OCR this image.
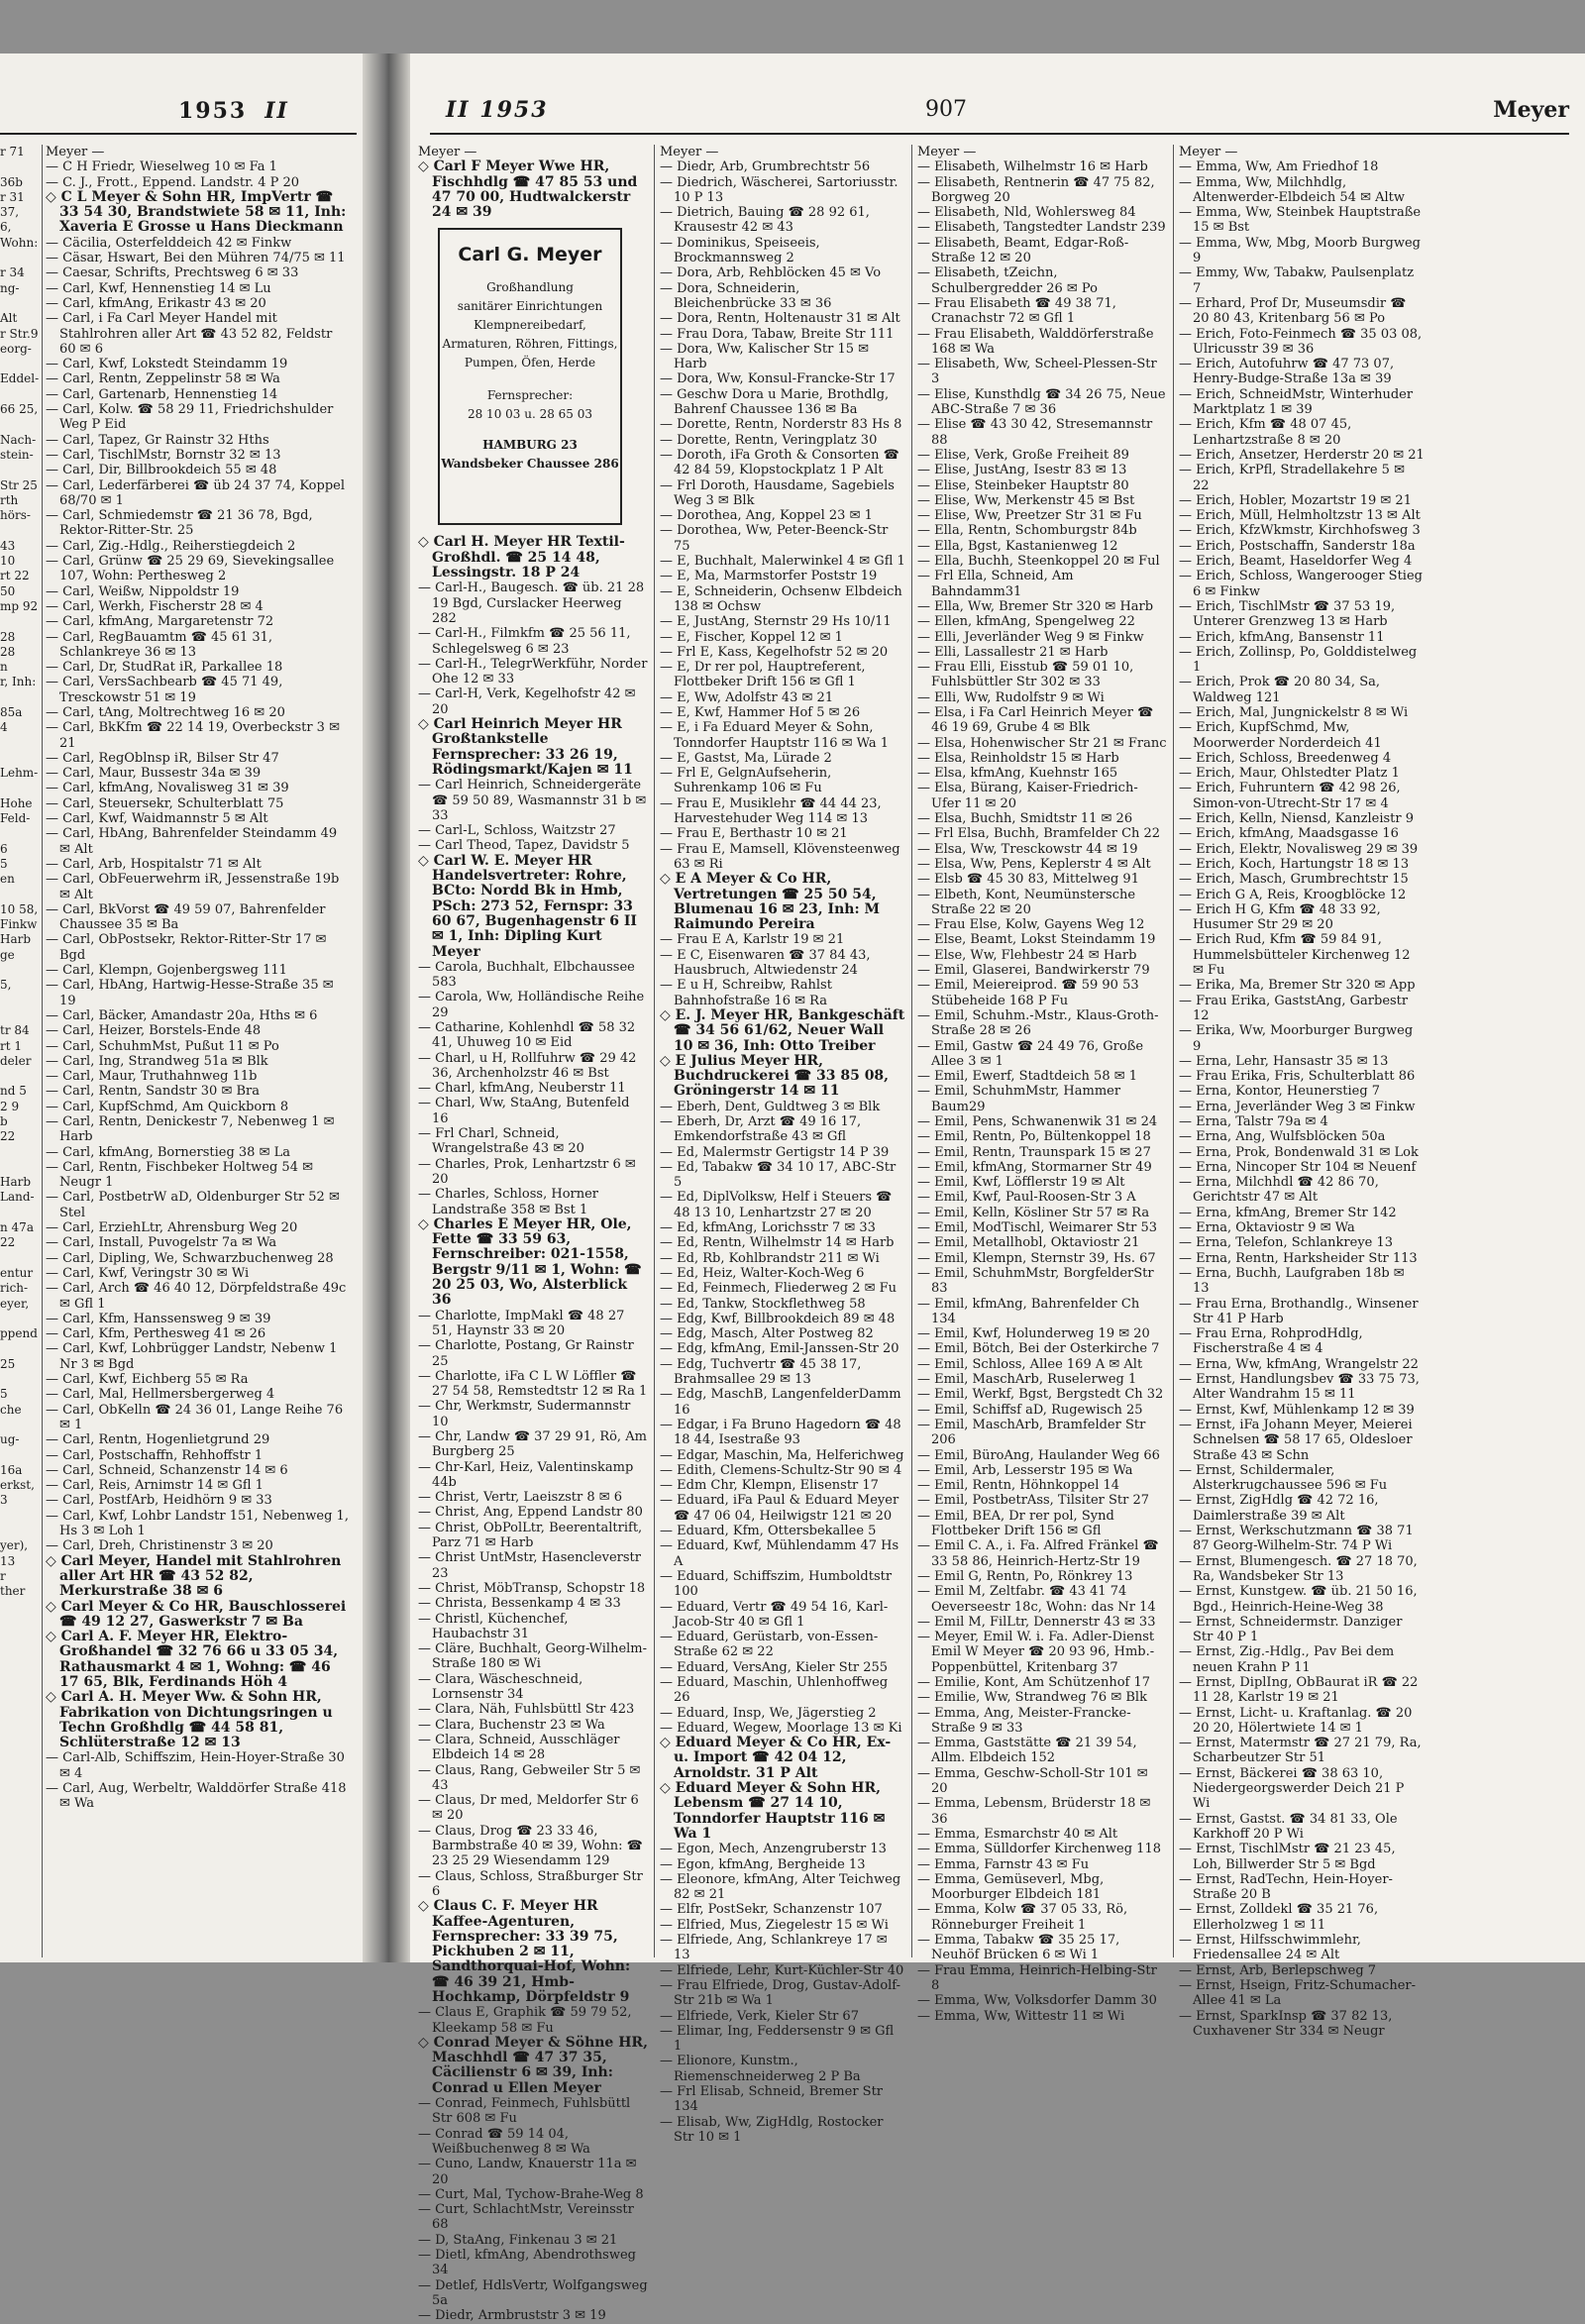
1953 II
r 71
36b
r 31 37,
6,
Wohn:
r 34
ng-
Alt
r Str.9
eorg-
Eddel-
66 25,
Nach-
stein-
Str 25
rth
hörs-
43
10
rt 22
50
mp 92
28
28
n
r, Inh:
85a
4
Lehm-
Hohe
Feld-
6
5
en
10 58,
Finkw
Harb
ge
5,
tr 84
rt 1
deler
nd 5
2 9
b
22
Harb
Land-
n 47a
22
entur
rich-
eyer,
ppend
25
5
che
ug-
16a
erkst,
3
yer),
13
r
ther
Meyer —
— C H Friedr, Wieselweg 10 ✉ Fa 1
— C. J., Frott., Eppend. Landstr. 4 P 20
◇ C L Meyer & Sohn HR, ImpVertr ☎ 33 54 30, Brandstwiete 58 ✉ 11, Inh: Xaveria E Grosse u Hans Dieckmann
— Cäcilia, Osterfelddeich 42 ✉ Finkw
— Cäsar, Hswart, Bei den Mühren 74/75 ✉ 11
— Caesar, Schrifts, Prechtsweg 6 ✉ 33
— Carl, Kwf, Hennenstieg 14 ✉ Lu
— Carl, kfmAng, Erikastr 43 ✉ 20
— Carl, i Fa Carl Meyer Handel mit Stahlrohren aller Art ☎ 43 52 82, Feldstr 60 ✉ 6
— Carl, Kwf, Lokstedt Steindamm 19
— Carl, Rentn, Zeppelinstr 58 ✉ Wa
— Carl, Gartenarb, Hennenstieg 14
— Carl, Kolw. ☎ 58 29 11, Friedrichshulder Weg P Eid
— Carl, Tapez, Gr Rainstr 32 Hths
— Carl, TischlMstr, Bornstr 32 ✉ 13
— Carl, Dir, Billbrookdeich 55 ✉ 48
— Carl, Lederfärberei ☎ üb 24 37 74, Koppel 68/70 ✉ 1
— Carl, Schmiedemstr ☎ 21 36 78, Bgd, Rektor-Ritter-Str. 25
— Carl, Zig.-Hdlg., Reiherstiegdeich 2
— Carl, Grünw ☎ 25 29 69, Sievekingsallee 107, Wohn: Perthesweg 2
— Carl, Weißw, Nippoldstr 19
— Carl, Werkh, Fischerstr 28 ✉ 4
— Carl, kfmAng, Margaretenstr 72
— Carl, RegBauamtm ☎ 45 61 31, Schlankreye 36 ✉ 13
— Carl, Dr, StudRat iR, Parkallee 18
— Carl, VersSachbearb ☎ 45 71 49, Tresckowstr 51 ✉ 19
— Carl, tAng, Moltrechtweg 16 ✉ 20
— Carl, BkKfm ☎ 22 14 19, Overbeckstr 3 ✉ 21
— Carl, RegOblnsp iR, Bilser Str 47
— Carl, Maur, Bussestr 34a ✉ 39
— Carl, kfmAng, Novalisweg 31 ✉ 39
— Carl, Steuersekr, Schulterblatt 75
— Carl, Kwf, Waidmannstr 5 ✉ Alt
— Carl, HbAng, Bahrenfelder Steindamm 49 ✉ Alt
— Carl, Arb, Hospitalstr 71 ✉ Alt
— Carl, ObFeuerwehrm iR, Jessenstraße 19b ✉ Alt
— Carl, BkVorst ☎ 49 59 07, Bahrenfelder Chaussee 35 ✉ Ba
— Carl, ObPostsekr, Rektor-Ritter-Str 17 ✉ Bgd
— Carl, Klempn, Gojenbergsweg 111
— Carl, HbAng, Hartwig-Hesse-Straße 35 ✉ 19
— Carl, Bäcker, Amandastr 20a, Hths ✉ 6
— Carl, Heizer, Borstels-Ende 48
— Carl, SchuhmMst, Pußut 11 ✉ Po
— Carl, Ing, Strandweg 51a ✉ Blk
— Carl, Maur, Truthahnweg 11b
— Carl, Rentn, Sandstr 30 ✉ Bra
— Carl, KupfSchmd, Am Quickborn 8
— Carl, Rentn, Denickestr 7, Nebenweg 1 ✉ Harb
— Carl, kfmAng, Bornerstieg 38 ✉ La
— Carl, Rentn, Fischbeker Holtweg 54 ✉ Neugr 1
— Carl, PostbetrW aD, Oldenburger Str 52 ✉ Stel
— Carl, ErziehLtr, Ahrensburg Weg 20
— Carl, Install, Puvogelstr 7a ✉ Wa
— Carl, Dipling, We, Schwarzbuchenweg 28
— Carl, Kwf, Veringstr 30 ✉ Wi
— Carl, Arch ☎ 46 40 12, Dörpfeldstraße 49c ✉ Gfl 1
— Carl, Kfm, Hanssensweg 9 ✉ 39
— Carl, Kfm, Perthesweg 41 ✉ 26
— Carl, Kwf, Lohbrügger Landstr, Nebenw 1 Nr 3 ✉ Bgd
— Carl, Kwf, Eichberg 55 ✉ Ra
— Carl, Mal, Hellmersbergerweg 4
— Carl, ObKelln ☎ 24 36 01, Lange Reihe 76 ✉ 1
— Carl, Rentn, Hogenlietgrund 29
— Carl, Postschaffn, Rehhoffstr 1
— Carl, Schneid, Schanzenstr 14 ✉ 6
— Carl, Reis, Arnimstr 14 ✉ Gfl 1
— Carl, PostfArb, Heidhörn 9 ✉ 33
— Carl, Kwf, Lohbr Landstr 151, Nebenweg 1, Hs 3 ✉ Loh 1
— Carl, Dreh, Christinenstr 3 ✉ 20
◇ Carl Meyer, Handel mit Stahlrohren aller Art HR ☎ 43 52 82, Merkurstraße 38 ✉ 6
◇ Carl Meyer & Co HR, Bauschlosserei ☎ 49 12 27, Gaswerkstr 7 ✉ Ba
◇ Carl A. F. Meyer HR, Elektro-Großhandel ☎ 32 76 66 u 33 05 34, Rathausmarkt 4 ✉ 1, Wohng: ☎ 46 17 65, Blk, Ferdinands Höh 4
◇ Carl A. H. Meyer Ww. & Sohn HR, Fabrikation von Dichtungsringen u Techn Großhdlg ☎ 44 58 81, Schlüterstraße 12 ✉ 13
— Carl-Alb, Schiffszim, Hein-Hoyer-Straße 30 ✉ 4
— Carl, Aug, Werbeltr, Walddörfer Straße 418 ✉ Wa
II 1953	907	Meyer
Meyer —
◇ Carl F Meyer Wwe HR, Fischhdlg ☎ 47 85 53 und 47 70 00, Hudtwalckerstr 24 ✉ 39
Carl G. Meyer
Großhandlung
sanitärer Einrichtungen
Klempnereibedarf, Armaturen, Röhren, Fittings,
Pumpen, Öfen, Herde
Fernsprecher:
28 10 03 u. 28 65 03
HAMBURG 23
Wandsbeker Chaussee 286
◇ Carl H. Meyer HR Textil-Großhdl. ☎ 25 14 48, Lessingstr. 18 P 24
— Carl-H., Baugesch. ☎ üb. 21 28 19 Bgd, Curslacker Heerweg 282
— Carl-H., Filmkfm ☎ 25 56 11, Schlegelsweg 6 ✉ 23
— Carl-H., TelegrWerkführ, Norder Ohe 12 ✉ 33
— Carl-H, Verk, Kegelhofstr 42 ✉ 20
◇ Carl Heinrich Meyer HR Großtankstelle Fernsprecher: 33 26 19, Rödingsmarkt/Kajen ✉ 11
— Carl Heinrich, Schneidergeräte ☎ 59 50 89, Wasmannstr 31 b ✉ 33
— Carl-L, Schloss, Waitzstr 27
— Carl Theod, Tapez, Davidstr 5
◇ Carl W. E. Meyer HR Handelsvertreter: Rohre, BCto: Nordd Bk in Hmb, PSch: 273 52, Fernspr: 33 60 67, Bugenhagenstr 6 II ✉ 1, Inh: Dipling Kurt Meyer
— Carola, Buchhalt, Elbchaussee 583
— Carola, Ww, Holländische Reihe 29
— Catharine, Kohlenhdl ☎ 58 32 41, Uhuweg 10 ✉ Eid
— Charl, u H, Rollfuhrw ☎ 29 42 36, Archenholzstr 46 ✉ Bst
— Charl, kfmAng, Neuberstr 11
— Charl, Ww, StaAng, Butenfeld 16
— Frl Charl, Schneid, Wrangelstraße 43 ✉ 20
— Charles, Prok, Lenhartzstr 6 ✉ 20
— Charles, Schloss, Horner Landstraße 358 ✉ Bst 1
◇ Charles E Meyer HR, Ole, Fette ☎ 33 59 63, Fernschreiber: 021-1558, Bergstr 9/11 ✉ 1, Wohn: ☎ 20 25 03, Wo, Alsterblick 36
— Charlotte, ImpMakl ☎ 48 27 51, Haynstr 33 ✉ 20
— Charlotte, Postang, Gr Rainstr 25
— Charlotte, iFa C L W Löffler ☎ 27 54 58, Remstedtstr 12 ✉ Ra 1
— Chr, Werkmstr, Sudermannstr 10
— Chr, Landw ☎ 37 29 91, Rö, Am Burgberg 25
— Chr-Karl, Heiz, Valentinskamp 44b
— Christ, Vertr, Laeiszstr 8 ✉ 6
— Christ, Ang, Eppend Landstr 80
— Christ, ObPolLtr, Beerentaltrift, Parz 71 ✉ Harb
— Christ UntMstr, Hasencleverstr 23
— Christ, MöbTransp, Schopstr 18
— Christa, Bessenkamp 4 ✉ 33
— Christl, Küchenchef, Haubachstr 31
— Cläre, Buchhalt, Georg-Wilhelm-Straße 180 ✉ Wi
— Clara, Wäscheschneid, Lornsenstr 34
— Clara, Näh, Fuhlsbüttl Str 423
— Clara, Buchenstr 23 ✉ Wa
— Clara, Schneid, Ausschläger Elbdeich 14 ✉ 28
— Claus, Rang, Gebweiler Str 5 ✉ 43
— Claus, Dr med, Meldorfer Str 6 ✉ 20
— Claus, Drog ☎ 23 33 46, Barmbstraße 40 ✉ 39, Wohn: ☎ 23 25 29 Wiesendamm 129
— Claus, Schloss, Straßburger Str 6
◇ Claus C. F. Meyer HR Kaffee-Agenturen, Fernsprecher: 33 39 75, Pickhuben 2 ✉ 11, Sandthorquai-Hof, Wohn: ☎ 46 39 21, Hmb-Hochkamp, Dörpfeldstr 9
— Claus E, Graphik ☎ 59 79 52, Kleekamp 58 ✉ Fu
◇ Conrad Meyer & Söhne HR, Maschhdl ☎ 47 37 35, Cäcilienstr 6 ✉ 39, Inh: Conrad u Ellen Meyer
— Conrad, Feinmech, Fuhlsbüttl Str 608 ✉ Fu
— Conrad ☎ 59 14 04, Weißbuchenweg 8 ✉ Wa
— Cuno, Landw, Knauerstr 11a ✉ 20
— Curt, Mal, Tychow-Brahe-Weg 8
— Curt, SchlachtMstr, Vereinsstr 68
— D, StaAng, Finkenau 3 ✉ 21
— Dietl, kfmAng, Abendrothsweg 34
— Detlef, HdlsVertr, Wolfgangsweg 5a
— Diedr, Armbruststr 3 ✉ 19
Meyer —
— Diedr, Arb, Grumbrechtstr 56
— Diedrich, Wäscherei, Sartoriusstr. 10 P 13
— Dietrich, Bauing ☎ 28 92 61, Krausestr 42 ✉ 43
— Dominikus, Speiseeis, Brockmannsweg 2
— Dora, Arb, Rehblöcken 45 ✉ Vo
— Dora, Schneiderin, Bleichenbrücke 33 ✉ 36
— Dora, Rentn, Holtenaustr 31 ✉ Alt
— Frau Dora, Tabaw, Breite Str 111
— Dora, Ww, Kalischer Str 15 ✉ Harb
— Dora, Ww, Konsul-Francke-Str 17
— Geschw Dora u Marie, Brothdlg, Bahrenf Chaussee 136 ✉ Ba
— Dorette, Rentn, Norderstr 83 Hs 8
— Dorette, Rentn, Veringplatz 30
— Doroth, iFa Groth & Consorten ☎ 42 84 59, Klopstockplatz 1 P Alt
— Frl Doroth, Hausdame, Sagebiels Weg 3 ✉ Blk
— Dorothea, Ang, Koppel 23 ✉ 1
— Dorothea, Ww, Peter-Beenck-Str 75
— E, Buchhalt, Malerwinkel 4 ✉ Gfl 1
— E, Ma, Marmstorfer Poststr 19
— E, Schneiderin, Ochsenw Elbdeich 138 ✉ Ochsw
— E, JustAng, Sternstr 29 Hs 10/11
— E, Fischer, Koppel 12 ✉ 1
— Frl E, Kass, Kegelhofstr 52 ✉ 20
— E, Dr rer pol, Hauptreferent, Flottbeker Drift 156 ✉ Gfl 1
— E, Ww, Adolfstr 43 ✉ 21
— E, Kwf, Hammer Hof 5 ✉ 26
— E, i Fa Eduard Meyer & Sohn, Tonndorfer Hauptstr 116 ✉ Wa 1
— E, Gastst, Ma, Lürade 2
— Frl E, GelgnAufseherin, Suhrenkamp 106 ✉ Fu
— Frau E, Musiklehr ☎ 44 44 23, Harvestehuder Weg 114 ✉ 13
— Frau E, Berthastr 10 ✉ 21
— Frau E, Mamsell, Klövensteenweg 63 ✉ Ri
◇ E A Meyer & Co HR, Vertretungen ☎ 25 50 54, Blumenau 16 ✉ 23, Inh: M Raimundo Pereira
— Frau E A, Karlstr 19 ✉ 21
— E C, Eisenwaren ☎ 37 84 43, Hausbruch, Altwiedenstr 24
— E u H, Schreibw, Rahlst Bahnhofstraße 16 ✉ Ra
◇ E. J. Meyer HR, Bankgeschäft ☎ 34 56 61/62, Neuer Wall 10 ✉ 36, Inh: Otto Treiber
◇ E Julius Meyer HR, Buchdruckerei ☎ 33 85 08, Gröningerstr 14 ✉ 11
— Eberh, Dent, Guldtweg 3 ✉ Blk
— Eberh, Dr, Arzt ☎ 49 16 17, Emkendorfstraße 43 ✉ Gfl
— Ed, Malermstr Gertigstr 14 P 39
— Ed, Tabakw ☎ 34 10 17, ABC-Str 5
— Ed, DiplVolksw, Helf i Steuers ☎ 48 13 10, Lenhartzstr 27 ✉ 20
— Ed, kfmAng, Lorichsstr 7 ✉ 33
— Ed, Rentn, Wilhelmstr 14 ✉ Harb
— Ed, Rb, Kohlbrandstr 211 ✉ Wi
— Ed, Heiz, Walter-Koch-Weg 6
— Ed, Feinmech, Fliederweg 2 ✉ Fu
— Ed, Tankw, Stockflethweg 58
— Edg, Kwf, Billbrookdeich 89 ✉ 48
— Edg, Masch, Alter Postweg 82
— Edg, kfmAng, Emil-Janssen-Str 20
— Edg, Tuchvertr ☎ 45 38 17, Brahmsallee 29 ✉ 13
— Edg, MaschB, LangenfelderDamm 16
— Edgar, i Fa Bruno Hagedorn ☎ 48 18 44, Isestraße 93
— Edgar, Maschin, Ma, Helferichweg
— Edith, Clemens-Schultz-Str 90 ✉ 4
— Edm Chr, Klempn, Elisenstr 17
— Eduard, iFa Paul & Eduard Meyer ☎ 47 06 04, Heilwigstr 121 ✉ 20
— Eduard, Kfm, Ottersbekallee 5
— Eduard, Kwf, Mühlendamm 47 Hs A
— Eduard, Schiffszim, Humboldtstr 100
— Eduard, Vertr ☎ 49 54 16, Karl-Jacob-Str 40 ✉ Gfl 1
— Eduard, Gerüstarb, von-Essen-Straße 62 ✉ 22
— Eduard, VersAng, Kieler Str 255
— Eduard, Maschin, Uhlenhoffweg 26
— Eduard, Insp, We, Jägerstieg 2
— Eduard, Wegew, Moorlage 13 ✉ Ki
◇ Eduard Meyer & Co HR, Ex- u. Import ☎ 42 04 12, Arnoldstr. 31 P Alt
◇ Eduard Meyer & Sohn HR, Lebensm ☎ 27 14 10, Tonndorfer Hauptstr 116 ✉ Wa 1
— Egon, Mech, Anzengruberstr 13
— Egon, kfmAng, Bergheide 13
— Eleonore, kfmAng, Alter Teichweg 82 ✉ 21
— Elfr, PostSekr, Schanzenstr 107
— Elfried, Mus, Ziegelestr 15 ✉ Wi
— Elfriede, Ang, Schlankreye 17 ✉ 13
— Elfriede, Lehr, Kurt-Küchler-Str 40
— Frau Elfriede, Drog, Gustav-Adolf-Str 21b ✉ Wa 1
— Elfriede, Verk, Kieler Str 67
— Elimar, Ing, Feddersenstr 9 ✉ Gfl 1
— Elionore, Kunstm., Riemenschneiderweg 2 P Ba
— Frl Elisab, Schneid, Bremer Str 134
— Elisab, Ww, ZigHdlg, Rostocker Str 10 ✉ 1
Meyer —
— Elisabeth, Wilhelmstr 16 ✉ Harb
— Elisabeth, Rentnerin ☎ 47 75 82, Borgweg 20
— Elisabeth, Nld, Wohlersweg 84
— Elisabeth, Tangstedter Landstr 239
— Elisabeth, Beamt, Edgar-Roß-Straße 12 ✉ 20
— Elisabeth, tZeichn, Schulbergredder 26 ✉ Po
— Frau Elisabeth ☎ 49 38 71, Cranachstr 72 ✉ Gfl 1
— Frau Elisabeth, Walddörferstraße 168 ✉ Wa
— Elisabeth, Ww, Scheel-Plessen-Str 3
— Elise, Kunsthdlg ☎ 34 26 75, Neue ABC-Straße 7 ✉ 36
— Elise ☎ 43 30 42, Stresemannstr 88
— Elise, Verk, Große Freiheit 89
— Elise, JustAng, Isestr 83 ✉ 13
— Elise, Steinbeker Hauptstr 80
— Elise, Ww, Merkenstr 45 ✉ Bst
— Elise, Ww, Preetzer Str 31 ✉ Fu
— Ella, Rentn, Schomburgstr 84b
— Ella, Bgst, Kastanienweg 12
— Ella, Buchh, Steenkoppel 20 ✉ Ful
— Frl Ella, Schneid, Am Bahndamm31
— Ella, Ww, Bremer Str 320 ✉ Harb
— Ellen, kfmAng, Spengelweg 22
— Elli, Jeverländer Weg 9 ✉ Finkw
— Elli, Lassallestr 21 ✉ Harb
— Frau Elli, Eisstub ☎ 59 01 10, Fuhlsbüttler Str 302 ✉ 33
— Elli, Ww, Rudolfstr 9 ✉ Wi
— Elsa, i Fa Carl Heinrich Meyer ☎ 46 19 69, Grube 4 ✉ Blk
— Elsa, Hohenwischer Str 21 ✉ Franc
— Elsa, Reinholdstr 15 ✉ Harb
— Elsa, kfmAng, Kuehnstr 165
— Elsa, Bürang, Kaiser-Friedrich-Ufer 11 ✉ 20
— Elsa, Buchh, Smidtstr 11 ✉ 26
— Frl Elsa, Buchh, Bramfelder Ch 22
— Elsa, Ww, Tresckowstr 44 ✉ 19
— Elsa, Ww, Pens, Keplerstr 4 ✉ Alt
— Elsb ☎ 45 30 83, Mittelweg 91
— Elbeth, Kont, Neumünstersche Straße 22 ✉ 20
— Frau Else, Kolw, Gayens Weg 12
— Else, Beamt, Lokst Steindamm 19
— Else, Ww, Flehbestr 24 ✉ Harb
— Emil, Glaserei, Bandwirkerstr 79
— Emil, Meiereiprod. ☎ 59 90 53 Stübeheide 168 P Fu
— Emil, Schuhm.-Mstr., Klaus-Groth-Straße 28 ✉ 26
— Emil, Gastw ☎ 24 49 76, Große Allee 3 ✉ 1
— Emil, Ewerf, Stadtdeich 58 ✉ 1
— Emil, SchuhmMstr, Hammer Baum29
— Emil, Pens, Schwanenwik 31 ✉ 24
— Emil, Rentn, Po, Bültenkoppel 18
— Emil, Rentn, Traunspark 15 ✉ 27
— Emil, kfmAng, Stormarner Str 49
— Emil, Kwf, Löfflerstr 19 ✉ Alt
— Emil, Kwf, Paul-Roosen-Str 3 A
— Emil, Kelln, Kösliner Str 57 ✉ Ra
— Emil, ModTischl, Weimarer Str 53
— Emil, Metallhobl, Oktaviostr 21
— Emil, Klempn, Sternstr 39, Hs. 67
— Emil, SchuhmMstr, BorgfelderStr 83
— Emil, kfmAng, Bahrenfelder Ch 134
— Emil, Kwf, Holunderweg 19 ✉ 20
— Emil, Bötch, Bei der Osterkirche 7
— Emil, Schloss, Allee 169 A ✉ Alt
— Emil, MaschArb, Ruselerweg 1
— Emil, Werkf, Bgst, Bergstedt Ch 32
— Emil, Schiffsf aD, Rugewisch 25
— Emil, MaschArb, Bramfelder Str 206
— Emil, BüroAng, Haulander Weg 66
— Emil, Arb, Lesserstr 195 ✉ Wa
— Emil, Rentn, Höhnkoppel 14
— Emil, PostbetrAss, Tilsiter Str 27
— Emil, BEA, Dr rer pol, Synd Flottbeker Drift 156 ✉ Gfl
— Emil C. A., i. Fa. Alfred Fränkel ☎ 33 58 86, Heinrich-Hertz-Str 19
— Emil G, Rentn, Po, Rönkrey 13
— Emil M, Zeltfabr. ☎ 43 41 74 Oeverseestr 18c, Wohn: das Nr 14
— Emil M, FilLtr, Dennerstr 43 ✉ 33
— Meyer, Emil W. i. Fa. Adler-Dienst Emil W Meyer ☎ 20 93 96, Hmb.-Poppenbüttel, Kritenbarg 37
— Emilie, Kont, Am Schützenhof 17
— Emilie, Ww, Strandweg 76 ✉ Blk
— Emma, Ang, Meister-Francke-Straße 9 ✉ 33
— Emma, Gaststätte ☎ 21 39 54, Allm. Elbdeich 152
— Emma, Geschw-Scholl-Str 101 ✉ 20
— Emma, Lebensm, Brüderstr 18 ✉ 36
— Emma, Esmarchstr 40 ✉ Alt
— Emma, Sülldorfer Kirchenweg 118
— Emma, Farnstr 43 ✉ Fu
— Emma, Gemüseverl, Mbg, Moorburger Elbdeich 181
— Emma, Kolw ☎ 37 05 33, Rö, Rönneburger Freiheit 1
— Emma, Tabakw ☎ 35 25 17, Neuhöf Brücken 6 ✉ Wi 1
— Frau Emma, Heinrich-Helbing-Str 8
— Emma, Ww, Volksdorfer Damm 30
— Emma, Ww, Wittestr 11 ✉ Wi
Meyer —
— Emma, Ww, Am Friedhof 18
— Emma, Ww, Milchhdlg, Altenwerder-Elbdeich 54 ✉ Altw
— Emma, Ww, Steinbek Hauptstraße 15 ✉ Bst
— Emma, Ww, Mbg, Moorb Burgweg 9
— Emmy, Ww, Tabakw, Paulsenplatz 7
— Erhard, Prof Dr, Museumsdir ☎ 20 80 43, Kritenbarg 56 ✉ Po
— Erich, Foto-Feinmech ☎ 35 03 08, Ulricusstr 39 ✉ 36
— Erich, Autofuhrw ☎ 47 73 07, Henry-Budge-Straße 13a ✉ 39
— Erich, SchneidMstr, Winterhuder Marktplatz 1 ✉ 39
— Erich, Kfm ☎ 48 07 45, Lenhartzstraße 8 ✉ 20
— Erich, Ansetzer, Herderstr 20 ✉ 21
— Erich, KrPfl, Stradellakehre 5 ✉ 22
— Erich, Hobler, Mozartstr 19 ✉ 21
— Erich, Müll, Helmholtzstr 13 ✉ Alt
— Erich, KfzWkmstr, Kirchhofsweg 3
— Erich, Postschaffn, Sanderstr 18a
— Erich, Beamt, Haseldorfer Weg 4
— Erich, Schloss, Wangerooger Stieg 6 ✉ Finkw
— Erich, TischlMstr ☎ 37 53 19, Unterer Grenzweg 13 ✉ Harb
— Erich, kfmAng, Bansenstr 11
— Erich, Zollinsp, Po, Golddistelweg 1
— Erich, Prok ☎ 20 80 34, Sa, Waldweg 121
— Erich, Mal, Jungnickelstr 8 ✉ Wi
— Erich, KupfSchmd, Mw, Moorwerder Norderdeich 41
— Erich, Schloss, Breedenweg 4
— Erich, Maur, Ohlstedter Platz 1
— Erich, Fuhruntern ☎ 42 98 26, Simon-von-Utrecht-Str 17 ✉ 4
— Erich, Kelln, Niensd, Kanzleistr 9
— Erich, kfmAng, Maadsgasse 16
— Erich, Elektr, Novalisweg 29 ✉ 39
— Erich, Koch, Hartungstr 18 ✉ 13
— Erich, Masch, Grumbrechtstr 15
— Erich G A, Reis, Kroogblöcke 12
— Erich H G, Kfm ☎ 48 33 92, Husumer Str 29 ✉ 20
— Erich Rud, Kfm ☎ 59 84 91, Hummelsbütteler Kirchenweg 12 ✉ Fu
— Erika, Ma, Bremer Str 320 ✉ App
— Frau Erika, GaststAng, Garbestr 12
— Erika, Ww, Moorburger Burgweg 9
— Erna, Lehr, Hansastr 35 ✉ 13
— Frau Erika, Fris, Schulterblatt 86
— Erna, Kontor, Heunerstieg 7
— Erna, Jeverländer Weg 3 ✉ Finkw
— Erna, Talstr 79a ✉ 4
— Erna, Ang, Wulfsblöcken 50a
— Erna, Prok, Bondenwald 31 ✉ Lok
— Erna, Nincoper Str 104 ✉ Neuenf
— Erna, Milchhdl ☎ 42 86 70, Gerichtstr 47 ✉ Alt
— Erna, kfmAng, Bremer Str 142
— Erna, Oktaviostr 9 ✉ Wa
— Erna, Telefon, Schlankreye 13
— Erna, Rentn, Harksheider Str 113
— Erna, Buchh, Laufgraben 18b ✉ 13
— Frau Erna, Brothandlg., Winsener Str 41 P Harb
— Frau Erna, RohprodHdlg, Fischerstraße 4 ✉ 4
— Erna, Ww, kfmAng, Wrangelstr 22
— Ernst, Handlungsbev ☎ 33 75 73, Alter Wandrahm 15 ✉ 11
— Ernst, Kwf, Mühlenkamp 12 ✉ 39
— Ernst, iFa Johann Meyer, Meierei Schnelsen ☎ 58 17 65, Oldesloer Straße 43 ✉ Schn
— Ernst, Schildermaler, Alsterkrugchaussee 596 ✉ Fu
— Ernst, ZigHdlg ☎ 42 72 16, Daimlerstraße 39 ✉ Alt
— Ernst, Werkschutzmann ☎ 38 71 87 Georg-Wilhelm-Str. 74 P Wi
— Ernst, Blumengesch. ☎ 27 18 70, Ra, Wandsbeker Str 13
— Ernst, Kunstgew. ☎ üb. 21 50 16, Bgd., Heinrich-Heine-Weg 38
— Ernst, Schneidermstr. Danziger Str 40 P 1
— Ernst, Zig.-Hdlg., Pav Bei dem neuen Krahn P 11
— Ernst, DiplIng, ObBaurat iR ☎ 22 11 28, Karlstr 19 ✉ 21
— Ernst, Licht- u. Kraftanlag. ☎ 20 20 20, Hölertwiete 14 ✉ 1
— Ernst, Matermstr ☎ 27 21 79, Ra, Scharbeutzer Str 51
— Ernst, Bäckerei ☎ 38 63 10, Niedergeorgswerder Deich 21 P Wi
— Ernst, Gastst. ☎ 34 81 33, Ole Karkhoff 20 P Wi
— Ernst, TischlMstr ☎ 21 23 45, Loh, Billwerder Str 5 ✉ Bgd
— Ernst, RadTechn, Hein-Hoyer-Straße 20 B
— Ernst, Zolldekl ☎ 35 21 76, Ellerholzweg 1 ✉ 11
— Ernst, Hilfsschwimmlehr, Friedensallee 24 ✉ Alt
— Ernst, Arb, Berlepschweg 7
— Ernst, Hseign, Fritz-Schumacher-Allee 41 ✉ La
— Ernst, SparkInsp ☎ 37 82 13, Cuxhavener Str 334 ✉ Neugr
